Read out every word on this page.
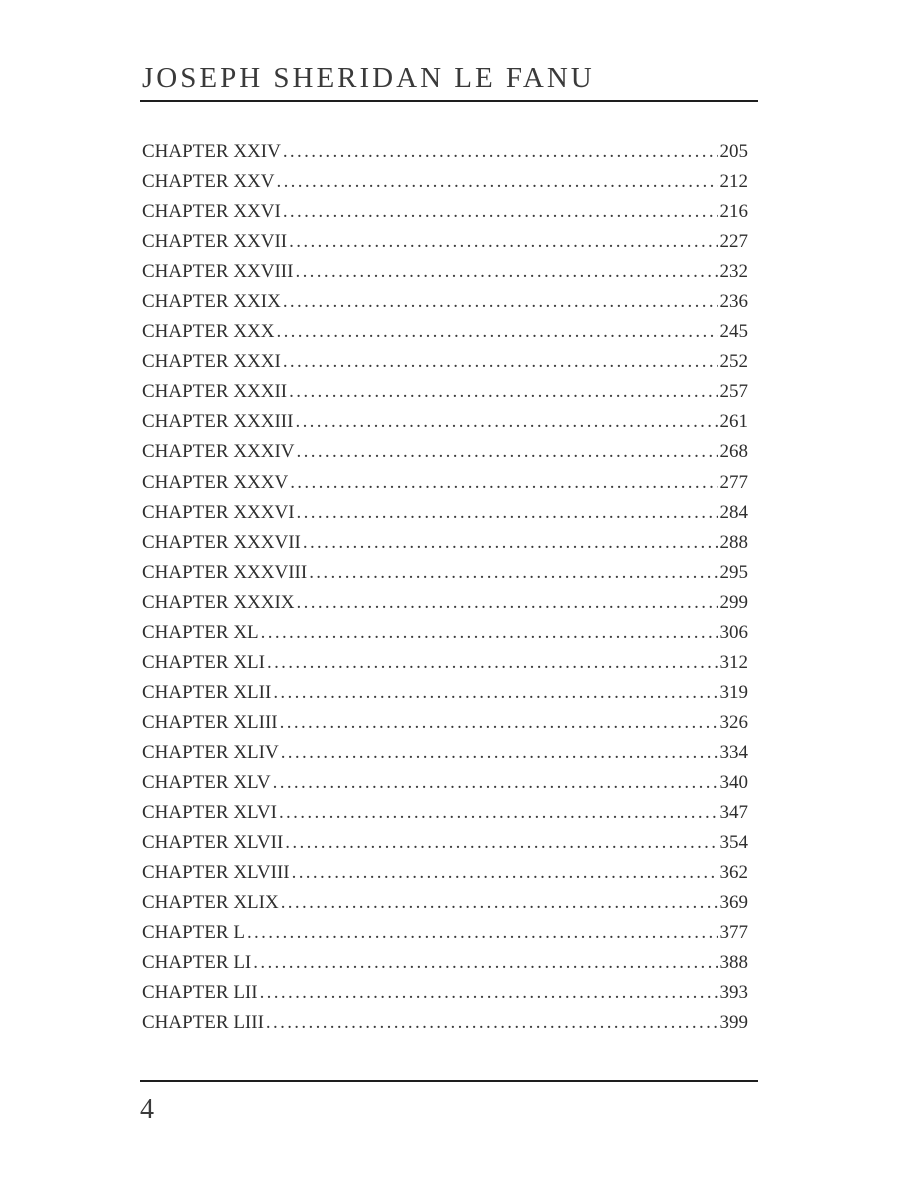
JOSEPH SHERIDAN LE FANU
CHAPTER XXIV . . .	205
CHAPTER XXV . . .	212
CHAPTER XXVI . . .	216
CHAPTER XXVII . . .	227
CHAPTER XXVIII . . .	232
CHAPTER XXIX . . .	236
CHAPTER XXX . . .	245
CHAPTER XXXI . . .	252
CHAPTER XXXII . . .	257
CHAPTER XXXIII . . .	261
CHAPTER XXXIV . . .	268
CHAPTER XXXV . . .	277
CHAPTER XXXVI . . .	284
CHAPTER XXXVII . . .	288
CHAPTER XXXVIII . . .	295
CHAPTER XXXIX . . .	299
CHAPTER XL . . .	306
CHAPTER XLI . . .	312
CHAPTER XLII . . .	319
CHAPTER XLIII . . .	326
CHAPTER XLIV . . .	334
CHAPTER XLV . . .	340
CHAPTER XLVI . . .	347
CHAPTER XLVII . . .	354
CHAPTER XLVIII . . .	362
CHAPTER XLIX . . .	369
CHAPTER L . . .	377
CHAPTER LI . . .	388
CHAPTER LII . . .	393
CHAPTER LIII . . .	399
4
